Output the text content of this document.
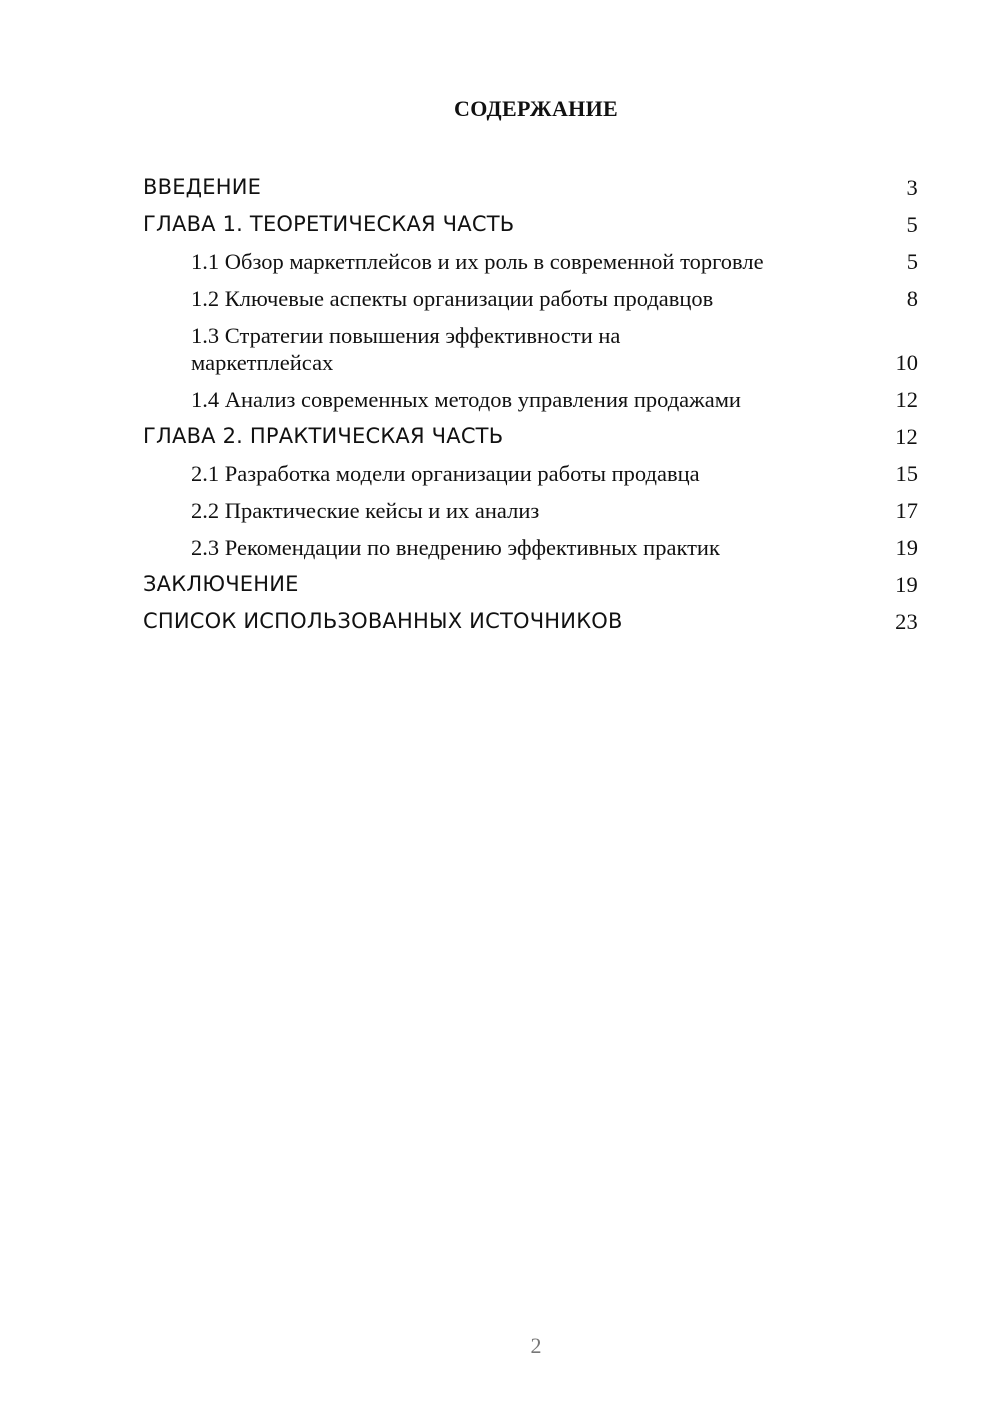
СОДЕРЖАНИЕ
ВВЕДЕНИЕ	3
ГЛАВА 1. ТЕОРЕТИЧЕСКАЯ ЧАСТЬ	5
1.1 Обзор маркетплейсов и их роль в современной торговле	5
1.2 Ключевые аспекты организации работы продавцов	8
1.3 Стратегии повышения эффективности на маркетплейсах	10
1.4 Анализ современных методов управления продажами	12
ГЛАВА 2. ПРАКТИЧЕСКАЯ ЧАСТЬ	12
2.1 Разработка модели организации работы продавца	15
2.2 Практические кейсы и их анализ	17
2.3 Рекомендации по внедрению эффективных практик	19
ЗАКЛЮЧЕНИЕ	19
СПИСОК ИСПОЛЬЗОВАННЫХ ИСТОЧНИКОВ	23
2
